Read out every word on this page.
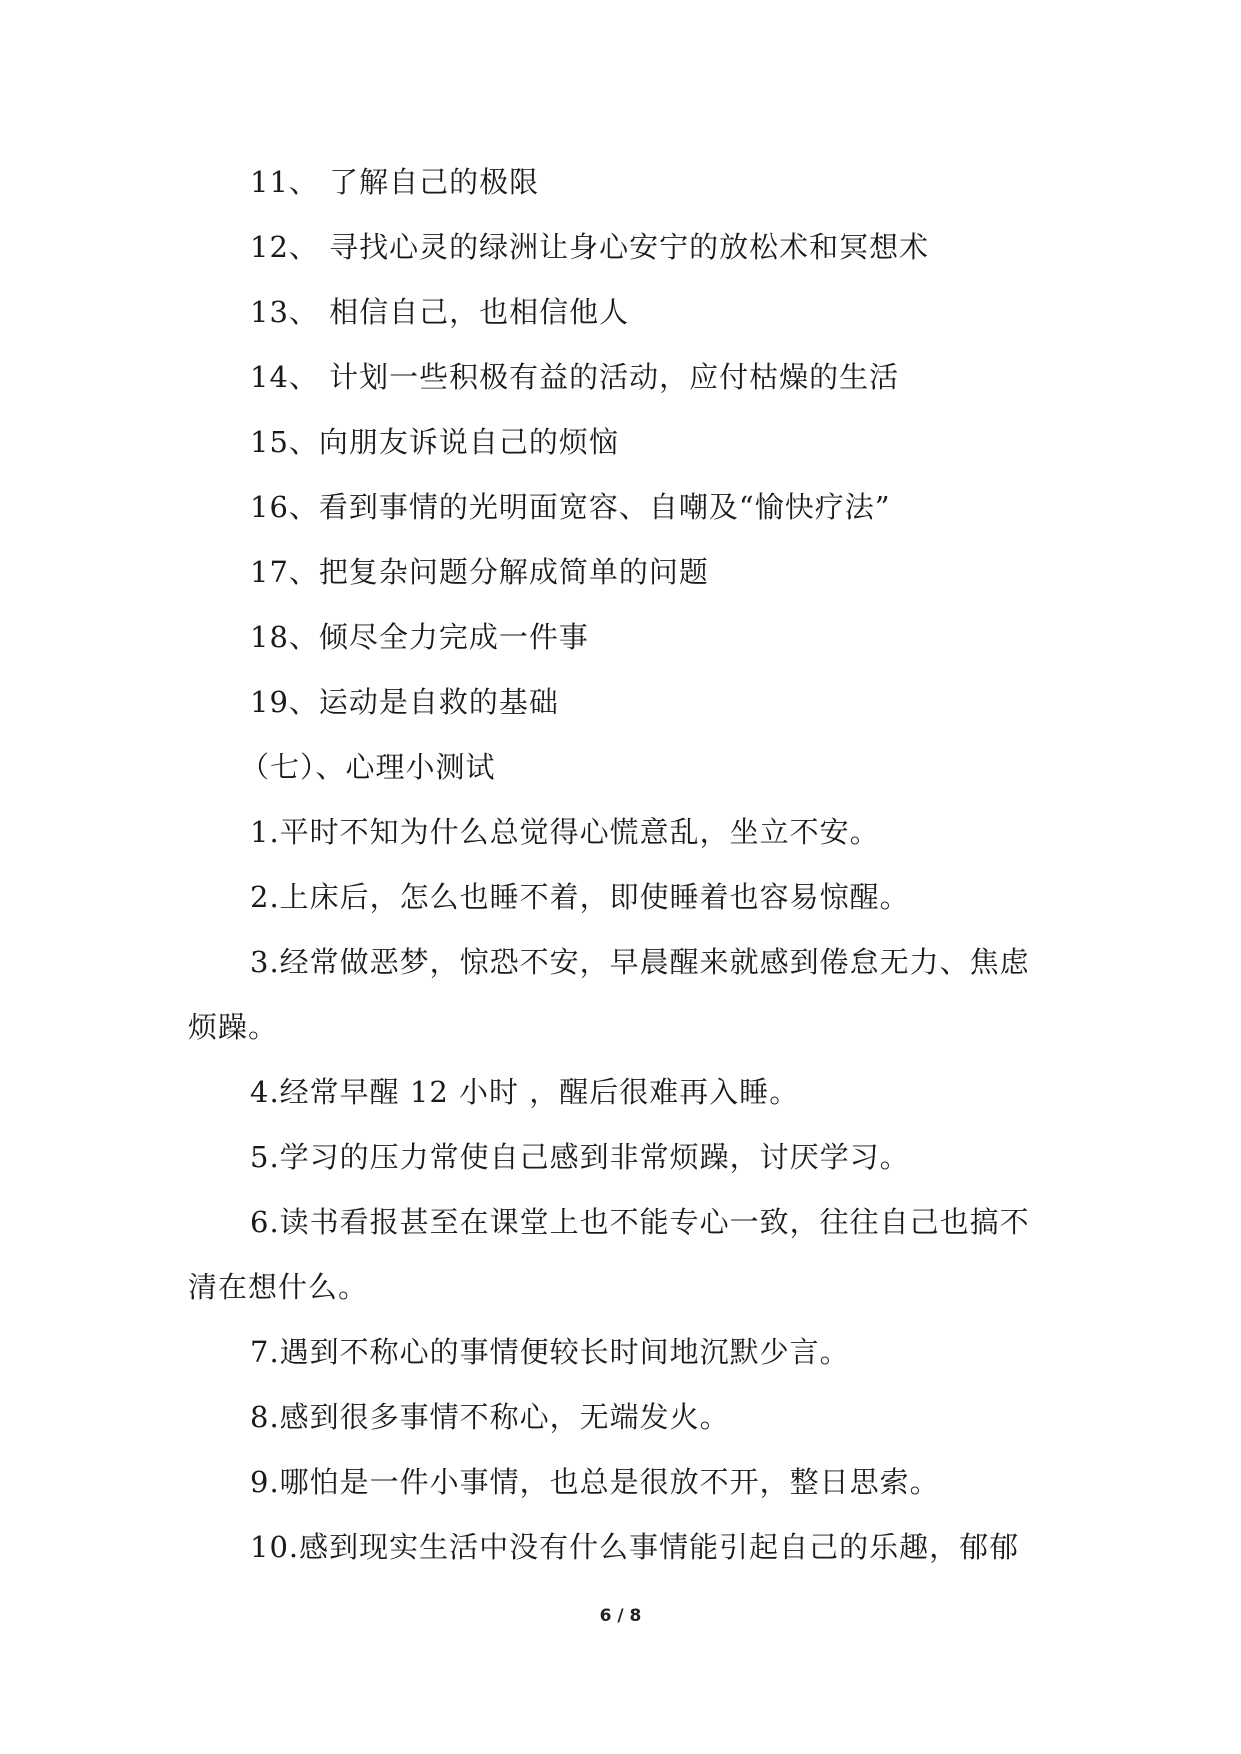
11、 了解自己的极限
12、 寻找心灵的绿洲让身心安宁的放松术和冥想术
13、 相信自己，也相信他人
14、 计划一些积极有益的活动，应付枯燥的生活
15、向朋友诉说自己的烦恼
16、看到事情的光明面宽容、自嘲及“愉快疗法”
17、把复杂问题分解成简单的问题
18、倾尽全力完成一件事
19、运动是自救的基础
（七）、心理小测试
1.平时不知为什么总觉得心慌意乱，坐立不安。
2.上床后，怎么也睡不着，即使睡着也容易惊醒。
3.经常做恶梦，惊恐不安，早晨醒来就感到倦怠无力、焦虑
烦躁。
4.经常早醒 12 小时 ，醒后很难再入睡。
5.学习的压力常使自己感到非常烦躁，讨厌学习。
6.读书看报甚至在课堂上也不能专心一致，往往自己也搞不
清在想什么。
7.遇到不称心的事情便较长时间地沉默少言。
8.感到很多事情不称心，无端发火。
9.哪怕是一件小事情，也总是很放不开，整日思索。
10.感到现实生活中没有什么事情能引起自己的乐趣，郁郁
6 / 8
